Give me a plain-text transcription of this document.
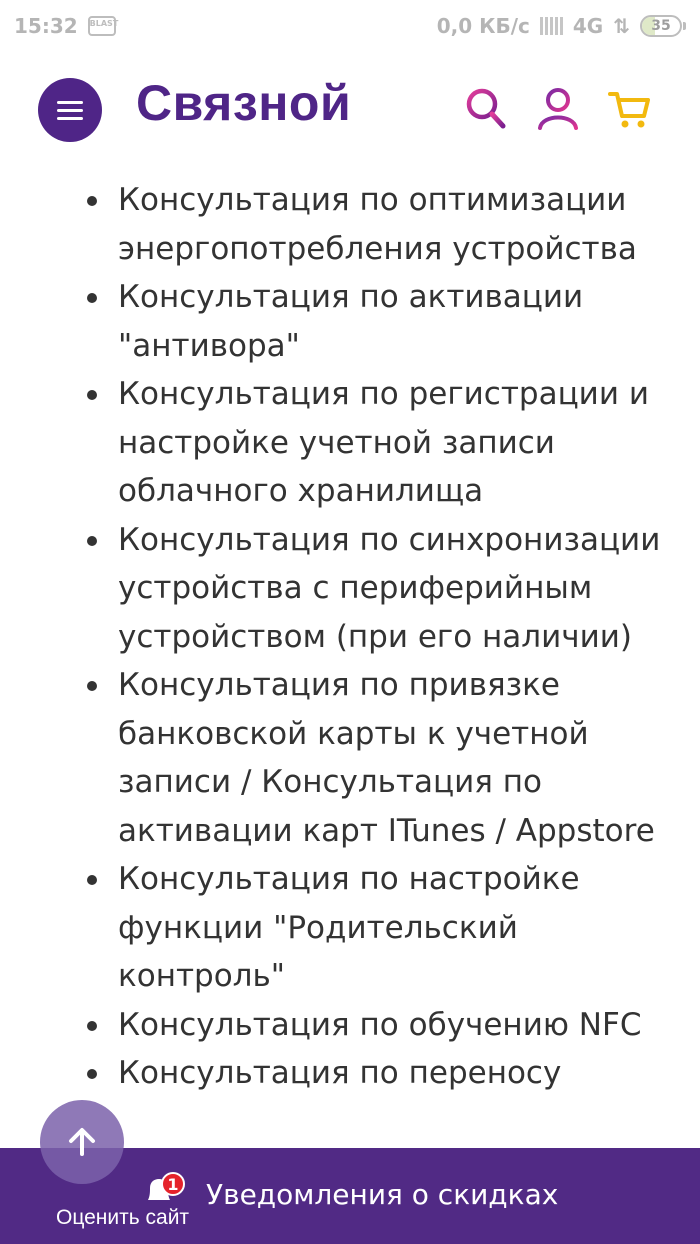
15:32 BLAST	0,0 КБ/с 4G ⇅	35
Связной
Консультация по оптимизации энергопотребления устройства
Консультация по активации "антивора"
Консультация по регистрации и настройке учетной записи облачного хранилища
Консультация по синхронизации устройства с периферийным устройством (при его наличии)
Консультация по привязке банковской карты к учетной записи / Консультация по активации карт ITunes / Appstore
Консультация по настройке функции "Родительский контроль"
Консультация по обучению NFC
Консультация по переносу
1 Уведомления о скидках
Оценить сайт
